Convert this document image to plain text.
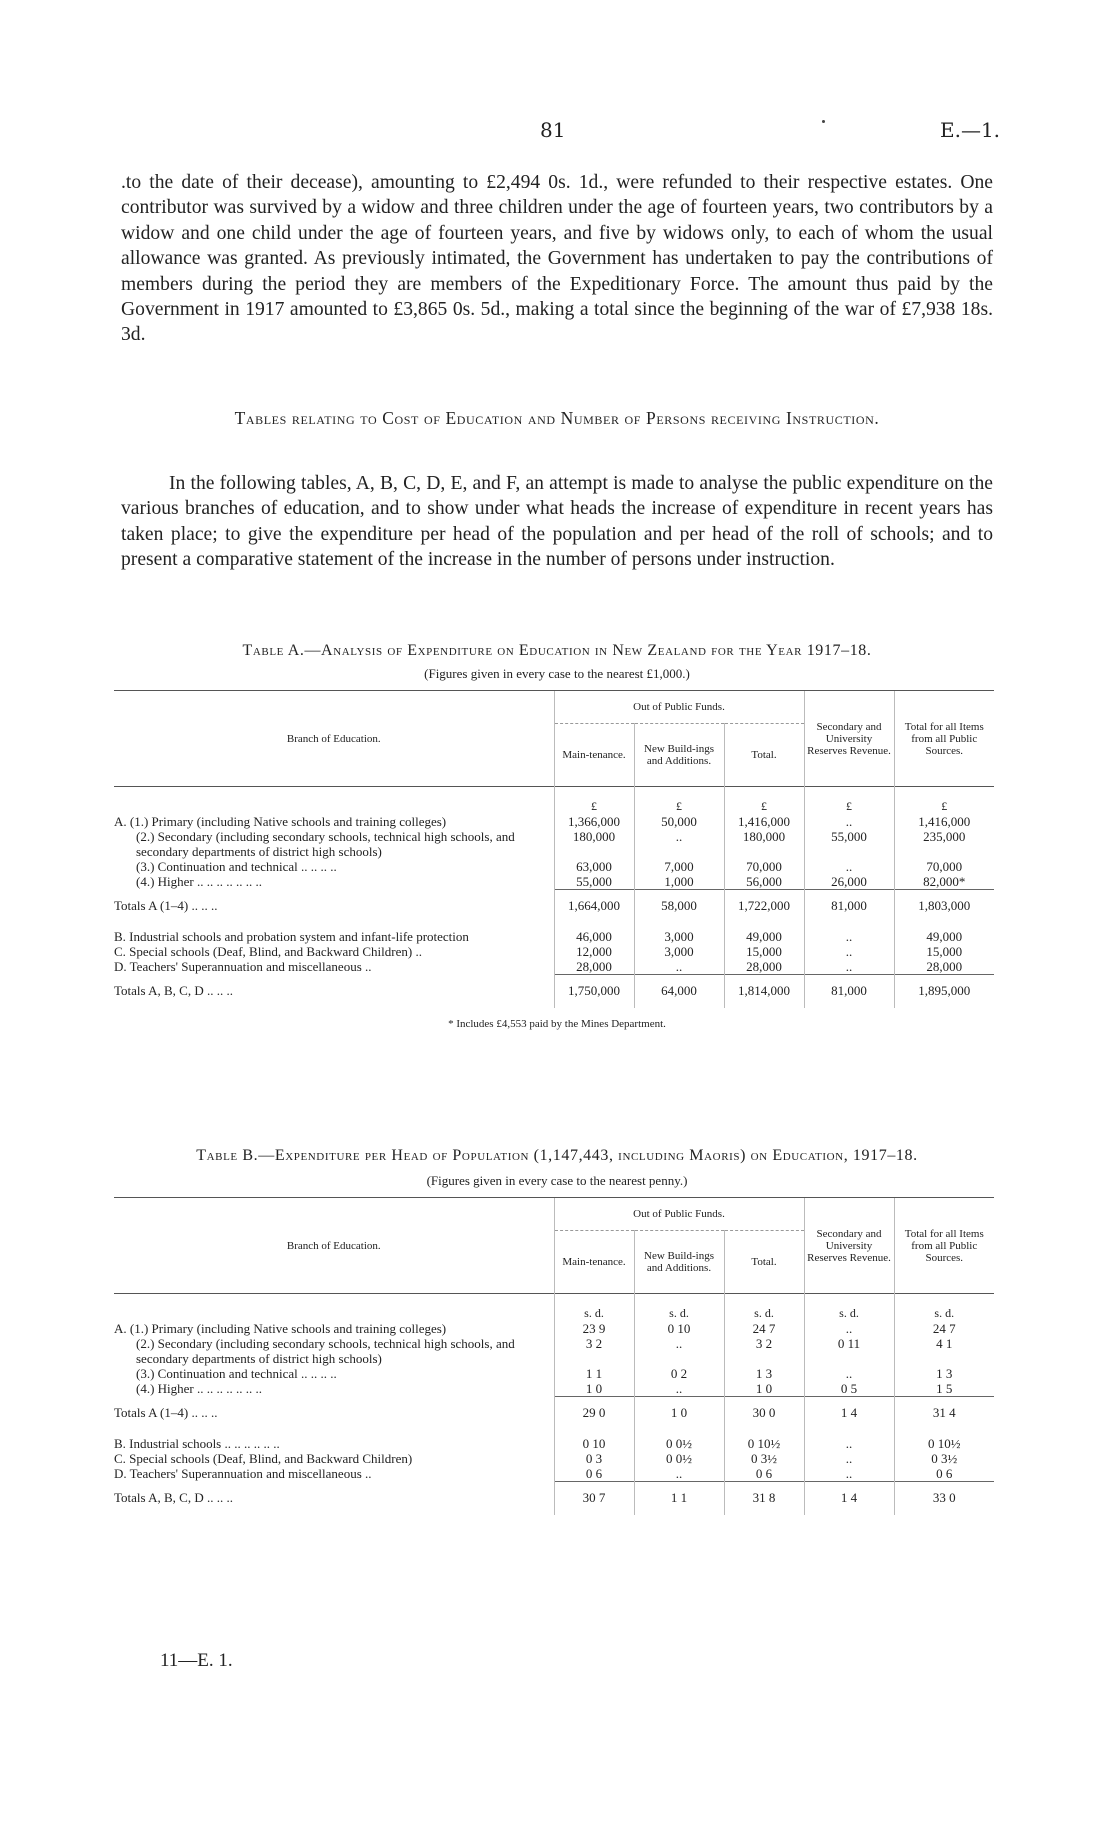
81	E.—1.
.to the date of their decease), amounting to £2,494 0s. 1d., were refunded to their respective estates. One contributor was survived by a widow and three children under the age of fourteen years, two contributors by a widow and one child under the age of fourteen years, and five by widows only, to each of whom the usual allowance was granted. As previously intimated, the Government has undertaken to pay the contributions of members during the period they are members of the Expeditionary Force. The amount thus paid by the Government in 1917 amounted to £3,865 0s. 5d., making a total since the beginning of the war of £7,938 18s. 3d.
Tables relating to Cost of Education and Number of Persons receiving Instruction.
In the following tables, A, B, C, D, E, and F, an attempt is made to analyse the public expenditure on the various branches of education, and to show under what heads the increase of expenditure in recent years has taken place; to give the expenditure per head of the population and per head of the roll of schools; and to present a comparative statement of the increase in the number of persons under instruction.
Table A.—Analysis of Expenditure on Education in New Zealand for the Year 1917–18.
(Figures given in every case to the nearest £1,000.)
Branch of Education.	Out of Public Funds.			Secondary and University Reserves Revenue.	Total for all Items from all Public Sources.
	Main-tenance.	New Build-ings and Additions.	Total.		
	£	£	£	£	£
A. (1.) Primary (including Native schools and training colleges)	1,366,000	50,000	1,416,000	..	1,416,000
(2.) Secondary (including secondary schools, technical high schools, and secondary departments of district high schools)	180,000	..	180,000	55,000	235,000
(3.) Continuation and technical .. .. .. ..	63,000	7,000	70,000	..	70,000
(4.) Higher .. .. .. .. .. .. ..	55,000	1,000	56,000	26,000	82,000*
Totals A (1–4) .. .. ..	1,664,000	58,000	1,722,000	81,000	1,803,000
B. Industrial schools and probation system and infant-life protection	46,000	3,000	49,000	..	49,000
C. Special schools (Deaf, Blind, and Backward Children) ..	12,000	3,000	15,000	..	15,000
D. Teachers' Superannuation and miscellaneous ..	28,000	..	28,000	..	28,000
Totals A, B, C, D .. .. ..	1,750,000	64,000	1,814,000	81,000	1,895,000
* Includes £4,553 paid by the Mines Department.
Table B.—Expenditure per Head of Population (1,147,443, including Maoris) on Education, 1917–18.
(Figures given in every case to the nearest penny.)
Branch of Education.	Out of Public Funds.			Secondary and University Reserves Revenue.	Total for all Items from all Public Sources.
	Main-tenance.	New Build-ings and Additions.	Total.		
	s. d.	s. d.	s. d.	s. d.	s. d.
A. (1.) Primary (including Native schools and training colleges)	23 9	0 10	24 7	..	24 7
(2.) Secondary (including secondary schools, technical high schools, and secondary departments of district high schools)	3 2	..	3 2	0 11	4 1
(3.) Continuation and technical .. .. .. ..	1 1	0 2	1 3	..	1 3
(4.) Higher .. .. .. .. .. .. ..	1 0	..	1 0	0 5	1 5
Totals A (1–4) .. .. ..	29 0	1 0	30 0	1 4	31 4
B. Industrial schools .. .. .. .. .. ..	0 10	0 0½	0 10½	..	0 10½
C. Special schools (Deaf, Blind, and Backward Children)	0 3	0 0½	0 3½	..	0 3½
D. Teachers' Superannuation and miscellaneous ..	0 6	..	0 6	..	0 6
Totals A, B, C, D .. .. ..	30 7	1 1	31 8	1 4	33 0
11—E. 1.
